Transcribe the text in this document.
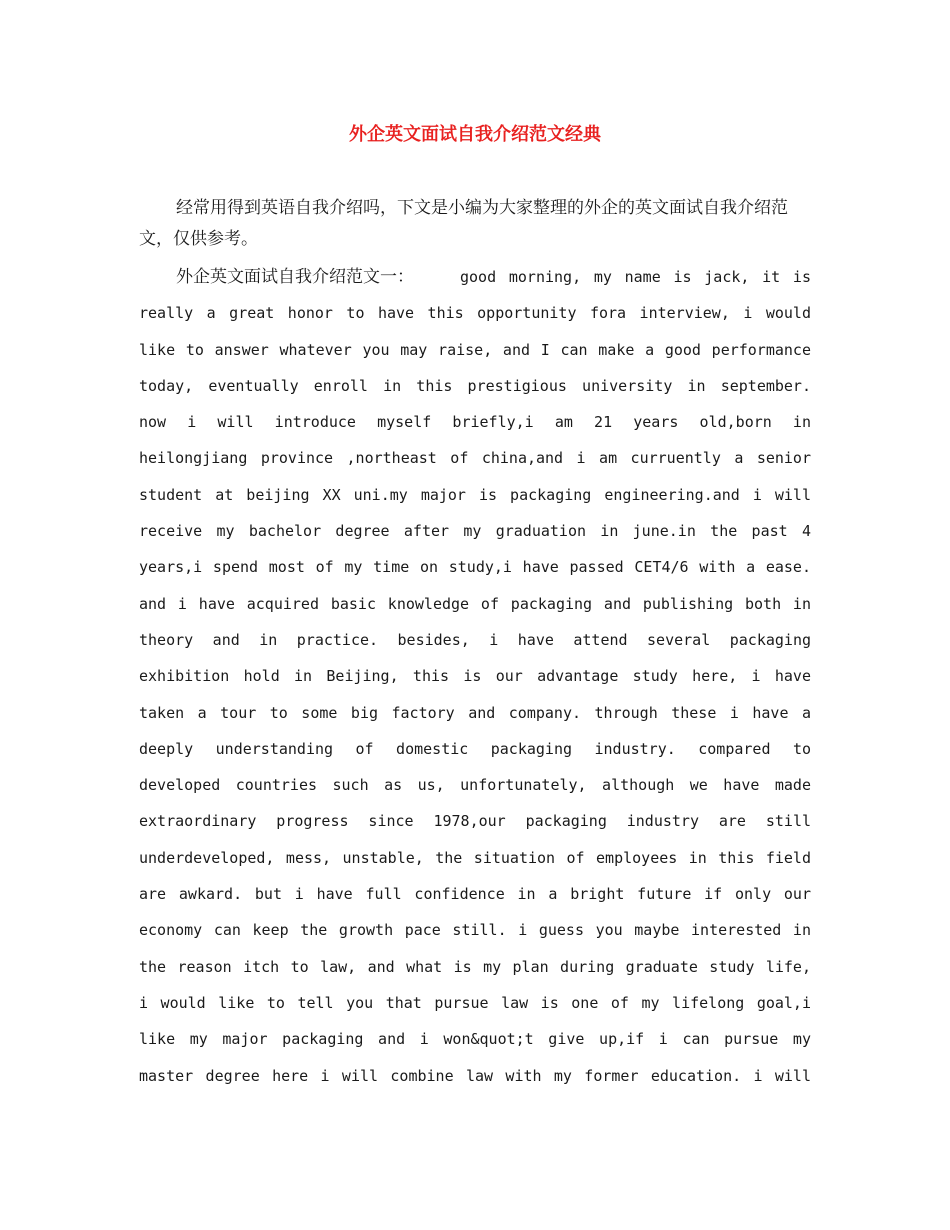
外企英文面试自我介绍范文经典
经常用得到英语自我介绍吗，下文是小编为大家整理的外企的英文面试自我介绍范文，仅供参考。
外企英文面试自我介绍范文一：	good morning, my name is jack, it is
really a great honor to have this opportunity fora interview, i would
like to answer whatever you may raise, and I can make a good performance
today, eventually enroll in this prestigious university in september.
now i will introduce myself briefly,i am 21 years old,born in
heilongjiang province ,northeast of china,and i am curruently a senior
student at beijing XX uni.my major is packaging engineering.and i will
receive my bachelor degree after my graduation in june.in the past 4
years,i spend most of my time on study,i have passed CET4/6 with a ease.
and i have acquired basic knowledge of packaging and publishing both in
theory and in practice. besides, i have attend several packaging
exhibition hold in Beijing, this is our advantage study here, i have
taken a tour to some big factory and company. through these i have a
deeply understanding of domestic packaging industry. compared to
developed countries such as us, unfortunately, although we have made
extraordinary progress since 1978,our packaging industry are still
underdeveloped, mess, unstable, the situation of employees in this field
are awkard. but i have full confidence in a bright future if only our
economy can keep the growth pace still. i guess you maybe interested in
the reason itch to law, and what is my plan during graduate study life,
i would like to tell you that pursue law is one of my lifelong goal,i
like my major packaging and i won&quot;t give up,if i can pursue my
master degree here i will combine law with my former education. i will
